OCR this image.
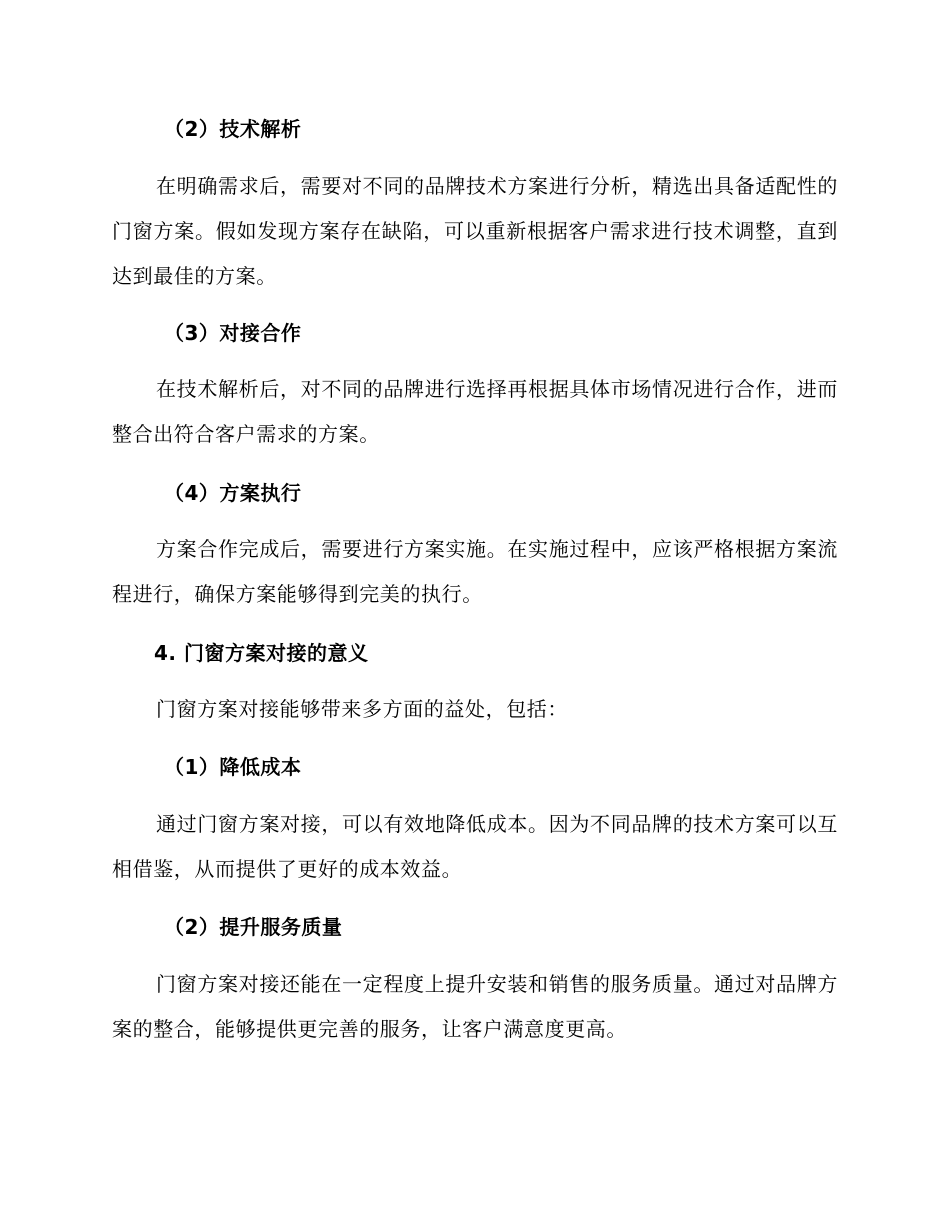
（2）技术解析

在明确需求后，需要对不同的品牌技术方案进行分析，精选出具备适配性的门窗方案。假如发现方案存在缺陷，可以重新根据客户需求进行技术调整，直到达到最佳的方案。

（3）对接合作

在技术解析后，对不同的品牌进行选择再根据具体市场情况进行合作，进而整合出符合客户需求的方案。

（4）方案执行

方案合作完成后，需要进行方案实施。在实施过程中，应该严格根据方案流程进行，确保方案能够得到完美的执行。

4. 门窗方案对接的意义

门窗方案对接能够带来多方面的益处，包括：

（1）降低成本

通过门窗方案对接，可以有效地降低成本。因为不同品牌的技术方案可以互相借鉴，从而提供了更好的成本效益。

（2）提升服务质量

门窗方案对接还能在一定程度上提升安装和销售的服务质量。通过对品牌方案的整合，能够提供更完善的服务，让客户满意度更高。
